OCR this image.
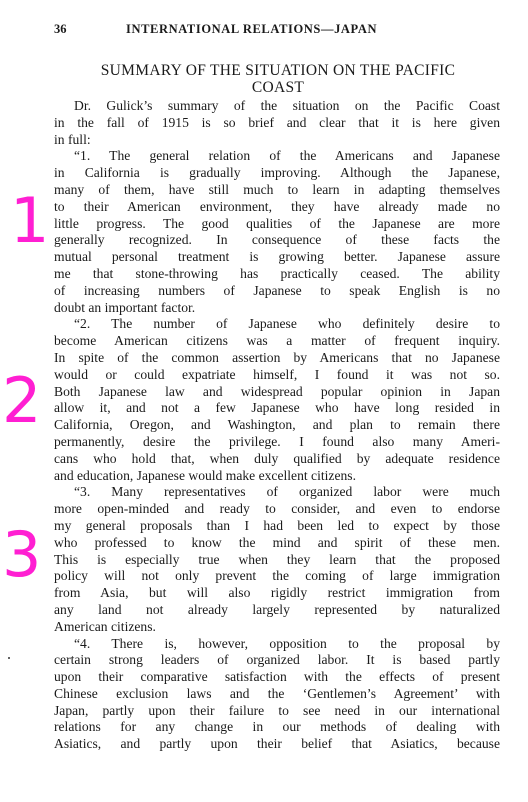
36	INTERNATIONAL RELATIONS—JAPAN
SUMMARY OF THE SITUATION ON THE PACIFIC
COAST
Dr. Gulick’s summary of the situation on the Pacific Coast
in the fall of 1915 is so brief and clear that it is here given
in full:
“1. The general relation of the Americans and Japanese
in California is gradually improving. Although the Japanese,
many of them, have still much to learn in adapting themselves
to their American environment, they have already made no
little progress. The good qualities of the Japanese are more
generally recognized. In consequence of these facts the
mutual personal treatment is growing better. Japanese assure
me that stone-throwing has practically ceased. The ability
of increasing numbers of Japanese to speak English is no
doubt an important factor.
“2. The number of Japanese who definitely desire to
become American citizens was a matter of frequent inquiry.
In spite of the common assertion by Americans that no Japanese
would or could expatriate himself, I found it was not so.
Both Japanese law and widespread popular opinion in Japan
allow it, and not a few Japanese who have long resided in
California, Oregon, and Washington, and plan to remain there
permanently, desire the privilege. I found also many Ameri-
cans who hold that, when duly qualified by adequate residence
and education, Japanese would make excellent citizens.
“3. Many representatives of organized labor were much
more open-minded and ready to consider, and even to endorse
my general proposals than I had been led to expect by those
who professed to know the mind and spirit of these men.
This is especially true when they learn that the proposed
policy will not only prevent the coming of large immigration
from Asia, but will also rigidly restrict immigration from
any land not already largely represented by naturalized
American citizens.
“4. There is, however, opposition to the proposal by
certain strong leaders of organized labor. It is based partly
upon their comparative satisfaction with the effects of present
Chinese exclusion laws and the ‘Gentlemen’s Agreement’ with
Japan, partly upon their failure to see need in our international
relations for any change in our methods of dealing with
Asiatics, and partly upon their belief that Asiatics, because
1
2
3
